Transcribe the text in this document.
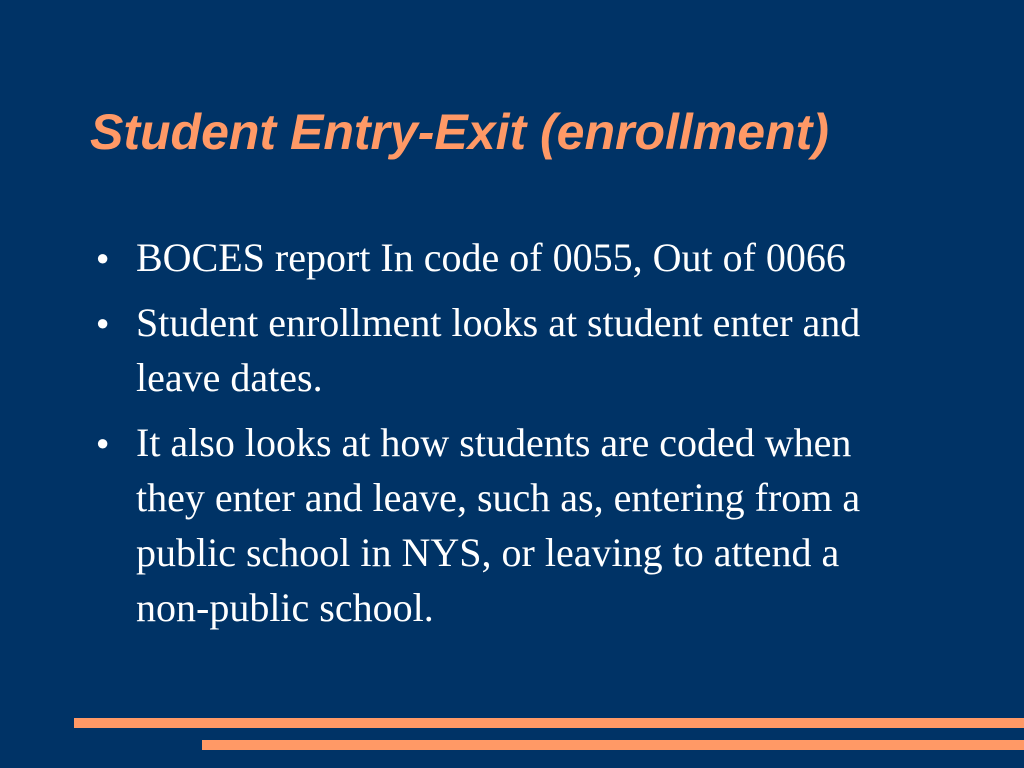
Student Entry-Exit (enrollment)
● BOCES report In code of 0055, Out of 0066
● Student enrollment looks at student enter and leave dates.
● It also looks at how students are coded when they enter and leave, such as, entering from a public school in NYS, or leaving to attend a non-public school.
